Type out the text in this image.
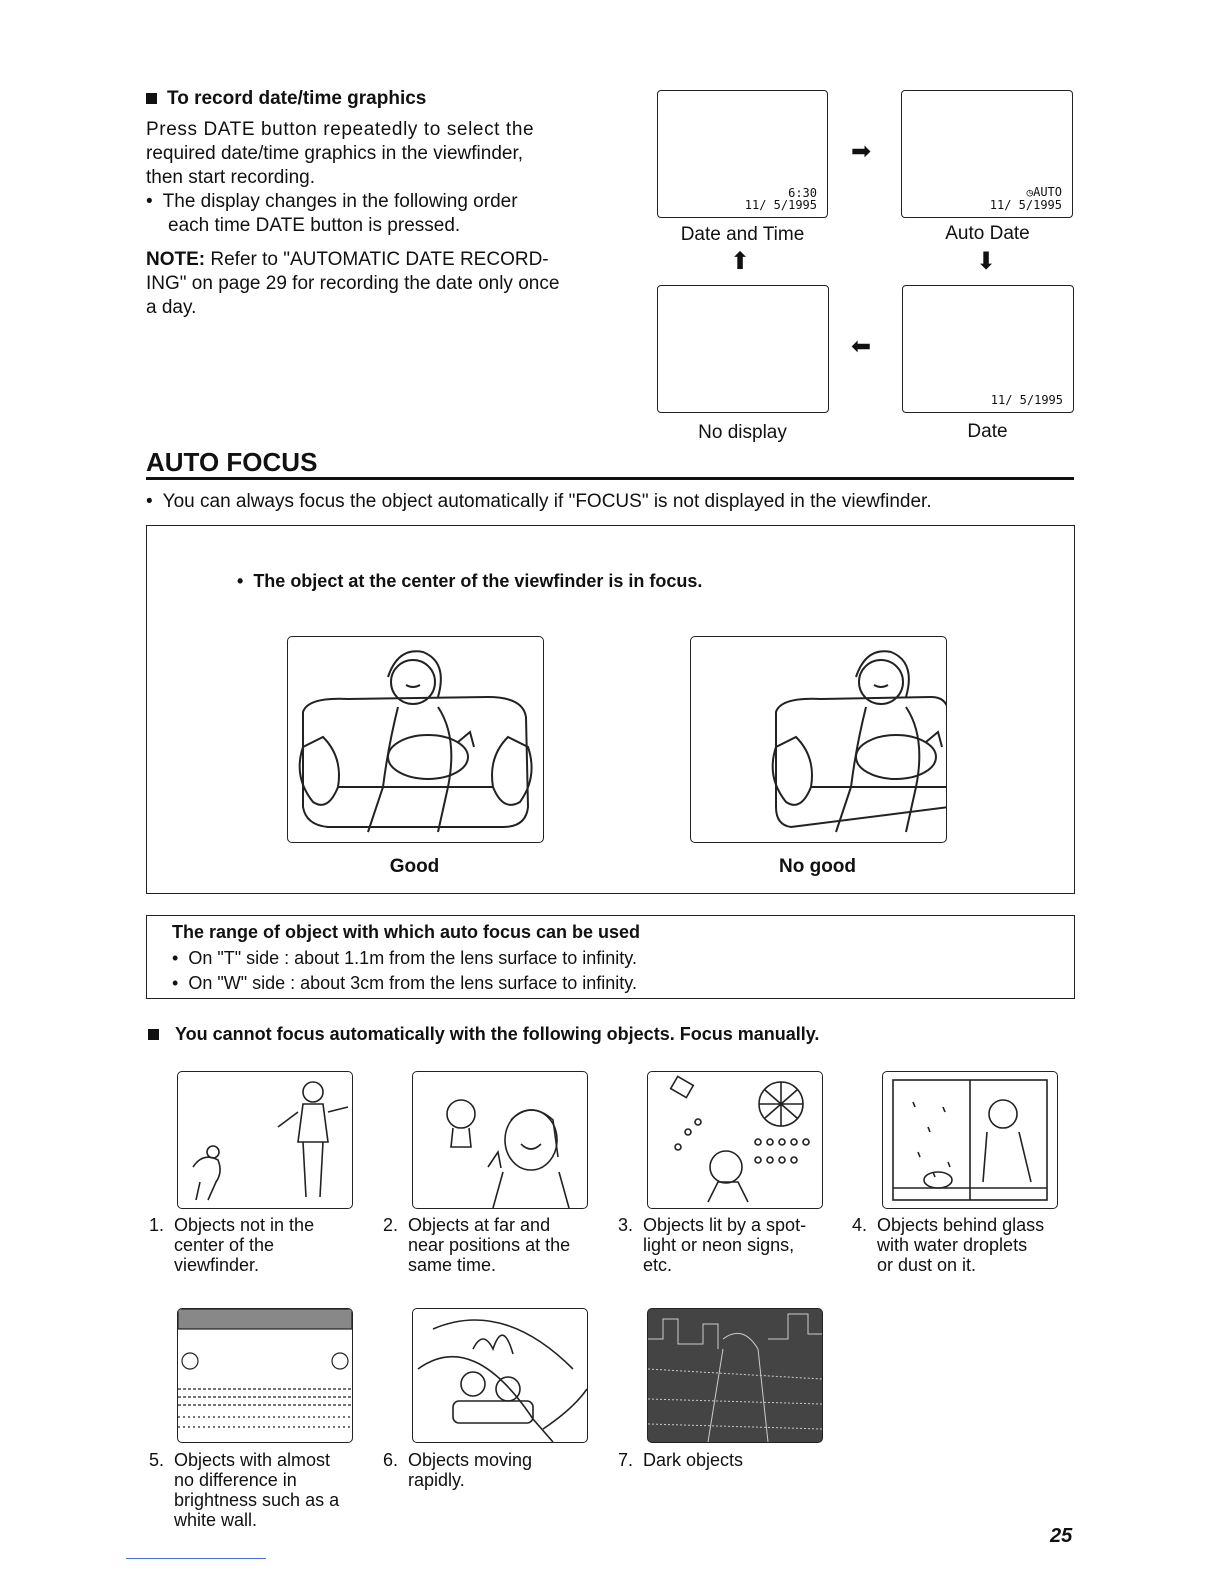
To record date/time graphics
Press DATE button repeatedly to select the
required date/time graphics in the viewfinder,
then start recording.
• The display changes in the following order
each time DATE button is pressed.
NOTE: Refer to "AUTOMATIC DATE RECORD-
ING" on page 29 for recording the date only once
a day.
6:30
11/ 5/1995
◷AUTO
11/ 5/1995
11/ 5/1995
➡
⬅
⬆	⬇
Date and Time	Auto Date
No display	Date
AUTO FOCUS
• You can always focus the object automatically if "FOCUS" is not displayed in the viewfinder.
• The object at the center of the viewfinder is in focus.
Good	No good
The range of object with which auto focus can be used
• On "T" side : about 1.1m from the lens surface to infinity.
• On "W" side : about 3cm from the lens surface to infinity.
You cannot focus automatically with the following objects. Focus manually.
1. Objects not in the
center of the
viewfinder.
2. Objects at far and
near positions at the
same time.
3. Objects lit by a spot-
light or neon signs,
etc.
4. Objects behind glass
with water droplets
or dust on it.
5. Objects with almost
no difference in
brightness such as a
white wall.
6. Objects moving
rapidly.
7. Dark objects
25
